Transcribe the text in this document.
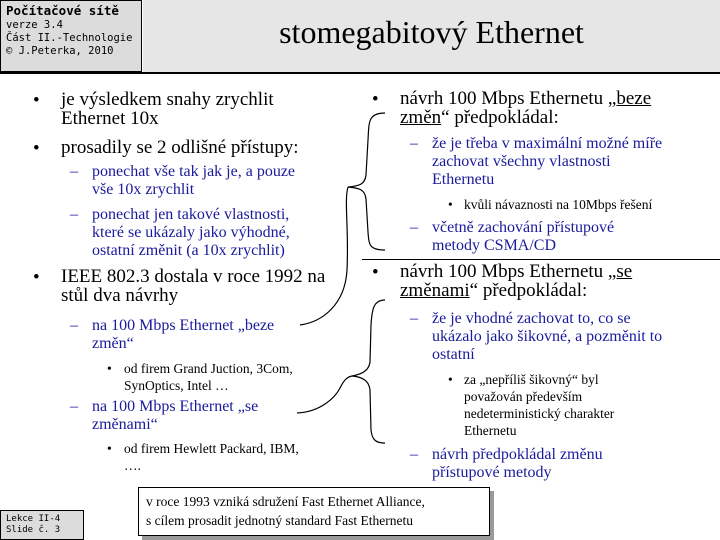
Počítačové sítě
verze 3.4
Část II.-Technologie
© J.Peterka, 2010
stomegabitový Ethernet
• je výsledkem snahy zrychlit
Ethernet 10x
• prosadily se 2 odlišné přístupy:
– ponechat vše tak jak je, a pouze
vše 10x zrychlit
– ponechat jen takové vlastnosti,
které se ukázaly jako výhodné,
ostatní změnit (a 10x zrychlit)
• IEEE 802.3 dostala v roce 1992 na
stůl dva návrhy
– na 100 Mbps Ethernet „beze
změn“
• od firem Grand Juction, 3Com,
SynOptics, Intel …
– na 100 Mbps Ethernet „se
změnami“
• od firem Hewlett Packard, IBM,
….
• návrh 100 Mbps Ethernetu „beze
změn“ předpokládal:
– že je třeba v maximální možné míře
zachovat všechny vlastnosti
Ethernetu
• kvůli návaznosti na 10Mbps řešení
– včetně zachování přístupové
metody CSMA/CD
• návrh 100 Mbps Ethernetu „se
změnami“ předpokládal:
– že je vhodné zachovat to, co se
ukázalo jako šikovné, a pozměnit to
ostatní
• za „nepříliš šikovný“ byl
považován především
nedeterministický charakter
Ethernetu
– návrh předpokládal změnu
přístupové metody
v roce 1993 vzniká sdružení Fast Ethernet Alliance,
s cílem prosadit jednotný standard Fast Ethernetu
Lekce II-4
Slide č. 3
